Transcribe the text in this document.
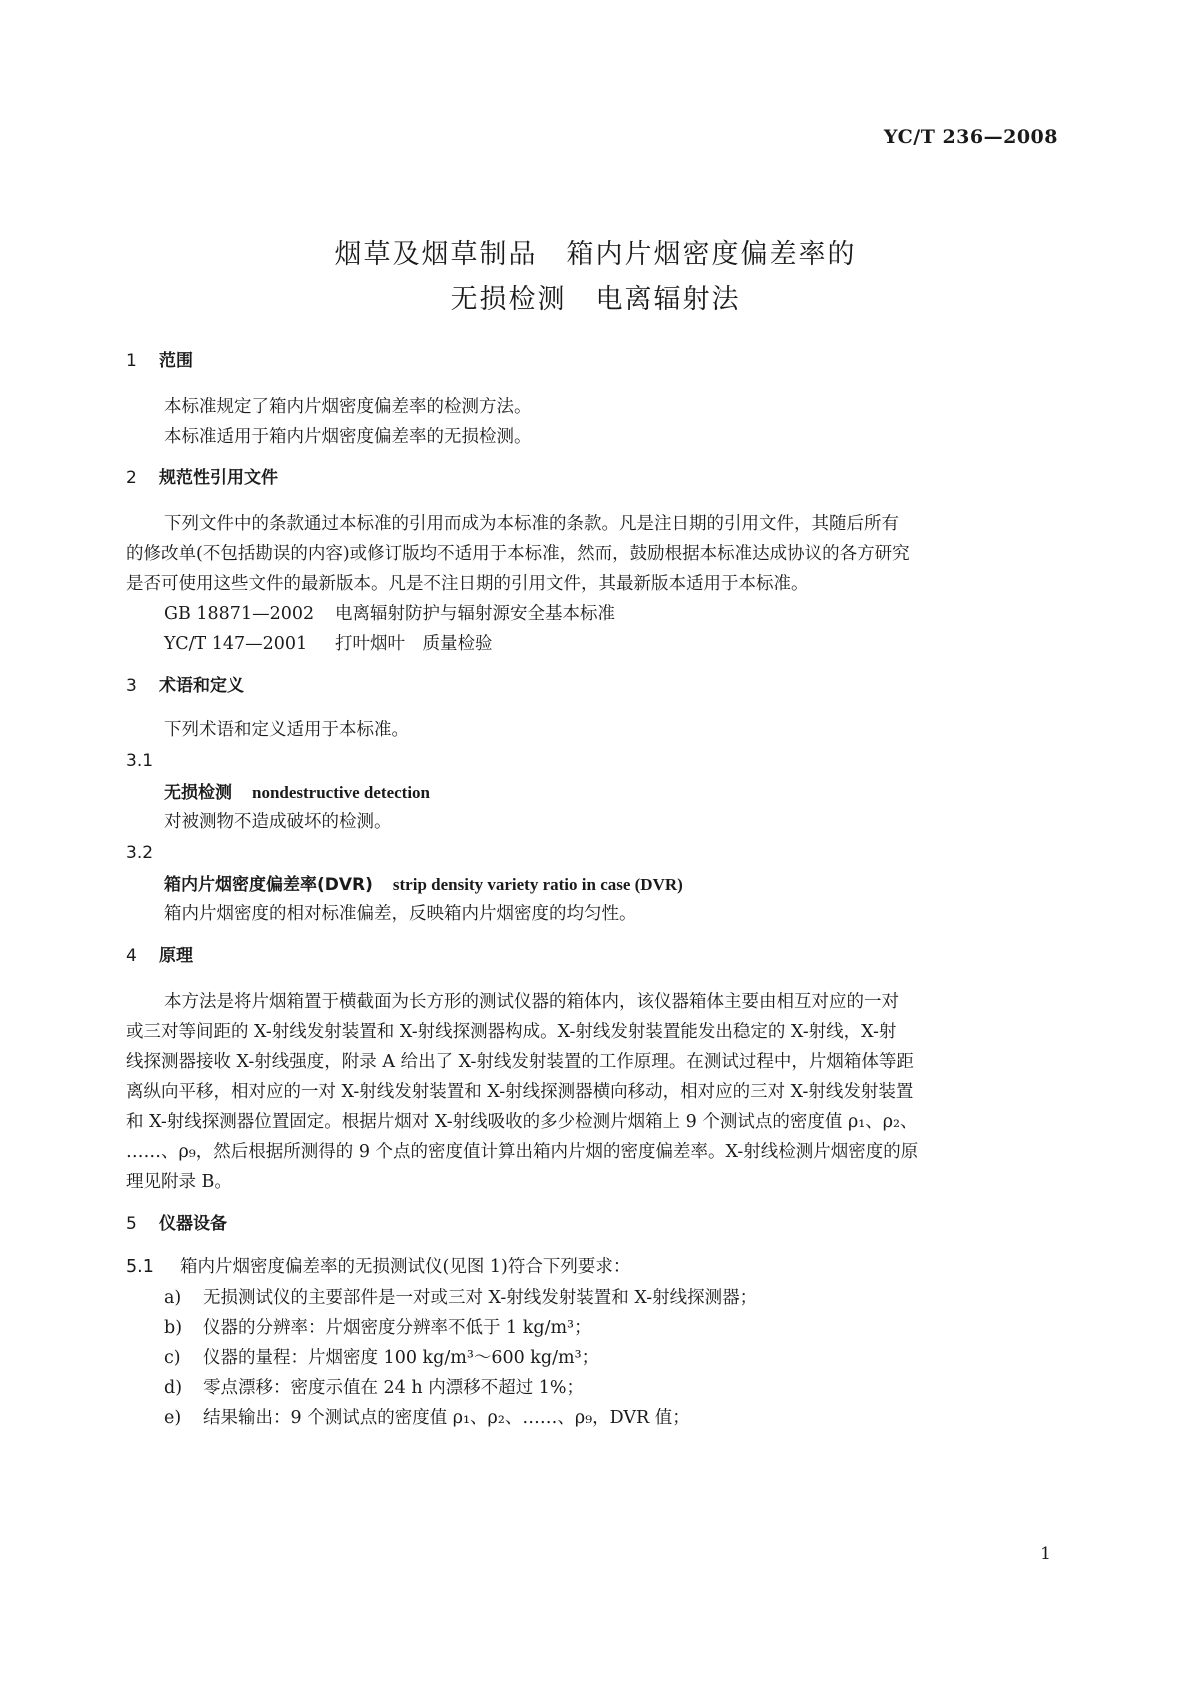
YC/T 236—2008
烟草及烟草制品　箱内片烟密度偏差率的
无损检测　电离辐射法
1 范围
本标准规定了箱内片烟密度偏差率的检测方法。
本标准适用于箱内片烟密度偏差率的无损检测。
2 规范性引用文件
下列文件中的条款通过本标准的引用而成为本标准的条款。凡是注日期的引用文件，其随后所有
的修改单(不包括勘误的内容)或修订版均不适用于本标准，然而，鼓励根据本标准达成协议的各方研究
是否可使用这些文件的最新版本。凡是不注日期的引用文件，其最新版本适用于本标准。
GB 18871—2002 电离辐射防护与辐射源安全基本标准
YC/T 147—2001 打叶烟叶　质量检验
3 术语和定义
下列术语和定义适用于本标准。
3.1
无损检测 nondestructive detection
对被测物不造成破坏的检测。
3.2
箱内片烟密度偏差率(DVR) strip density variety ratio in case (DVR)
箱内片烟密度的相对标准偏差，反映箱内片烟密度的均匀性。
4 原理
本方法是将片烟箱置于横截面为长方形的测试仪器的箱体内，该仪器箱体主要由相互对应的一对
或三对等间距的 X-射线发射装置和 X-射线探测器构成。X-射线发射装置能发出稳定的 X-射线，X-射
线探测器接收 X-射线强度，附录 A 给出了 X-射线发射装置的工作原理。在测试过程中，片烟箱体等距
离纵向平移，相对应的一对 X-射线发射装置和 X-射线探测器横向移动，相对应的三对 X-射线发射装置
和 X-射线探测器位置固定。根据片烟对 X-射线吸收的多少检测片烟箱上 9 个测试点的密度值 ρ₁、ρ₂、
……、ρ₉，然后根据所测得的 9 个点的密度值计算出箱内片烟的密度偏差率。X-射线检测片烟密度的原
理见附录 B。
5 仪器设备
5.1 箱内片烟密度偏差率的无损测试仪(见图 1)符合下列要求：
a) 无损测试仪的主要部件是一对或三对 X-射线发射装置和 X-射线探测器；
b) 仪器的分辨率：片烟密度分辨率不低于 1 kg/m³；
c) 仪器的量程：片烟密度 100 kg/m³～600 kg/m³；
d) 零点漂移：密度示值在 24 h 内漂移不超过 1%；
e) 结果输出：9 个测试点的密度值 ρ₁、ρ₂、……、ρ₉，DVR 值；
1
